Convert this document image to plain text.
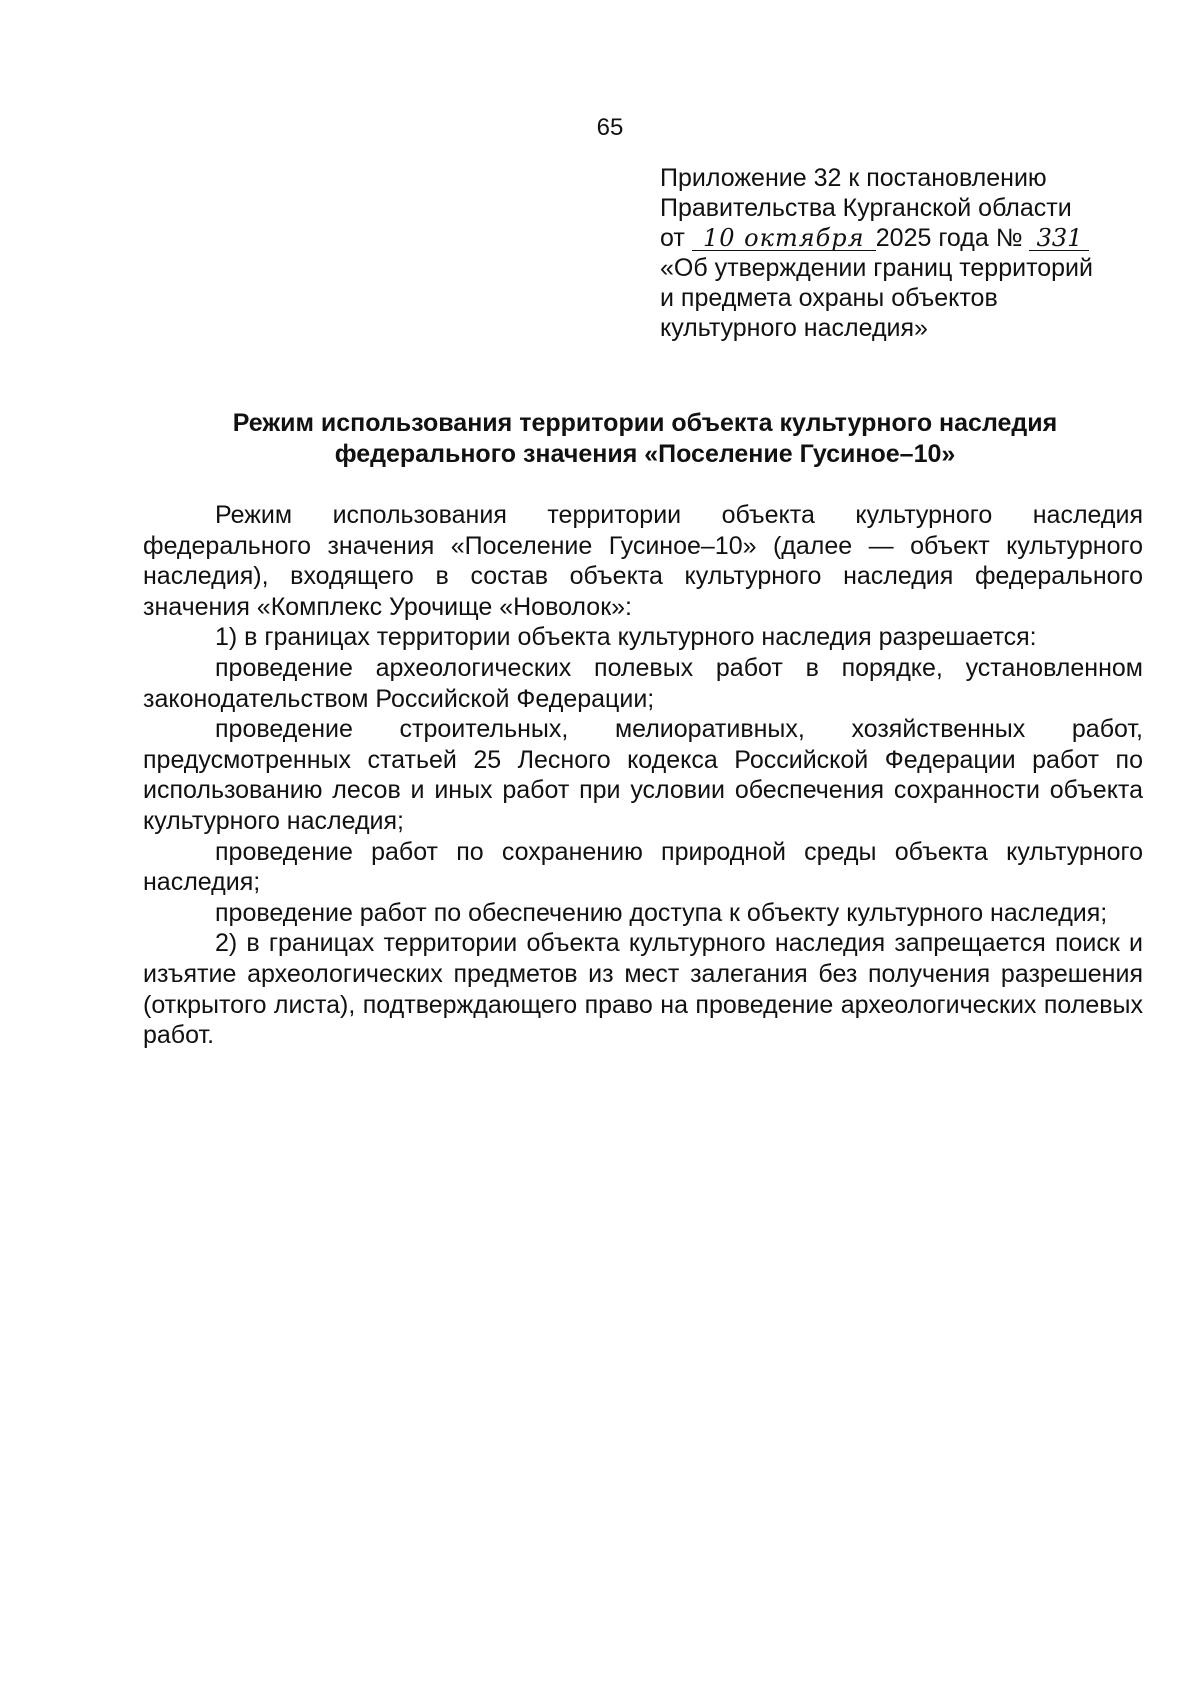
65
Приложение 32 к постановлению
Правительства Курганской области
от 10 октября 2025 года № 331
«Об утверждении границ территорий
и предмета охраны объектов
культурного наследия»
Режим использования территории объекта культурного наследия
федерального значения «Поселение Гусиное–10»

Режим использования территории объекта культурного наследия федерального значения «Поселение Гусиное–10» (далее — объект культурного наследия), входящего в состав объекта культурного наследия федерального значения «Комплекс Урочище «Новолок»:

1) в границах территории объекта культурного наследия разрешается:

проведение археологических полевых работ в порядке, установленном законодательством Российской Федерации;

проведение строительных, мелиоративных, хозяйственных работ, предусмотренных статьей 25 Лесного кодекса Российской Федерации работ по использованию лесов и иных работ при условии обеспечения сохранности объекта культурного наследия;

проведение работ по сохранению природной среды объекта культурного наследия;

проведение работ по обеспечению доступа к объекту культурного наследия;

2) в границах территории объекта культурного наследия запрещается поиск и изъятие археологических предметов из мест залегания без получения разрешения (открытого листа), подтверждающего право на проведение археологических полевых работ.
